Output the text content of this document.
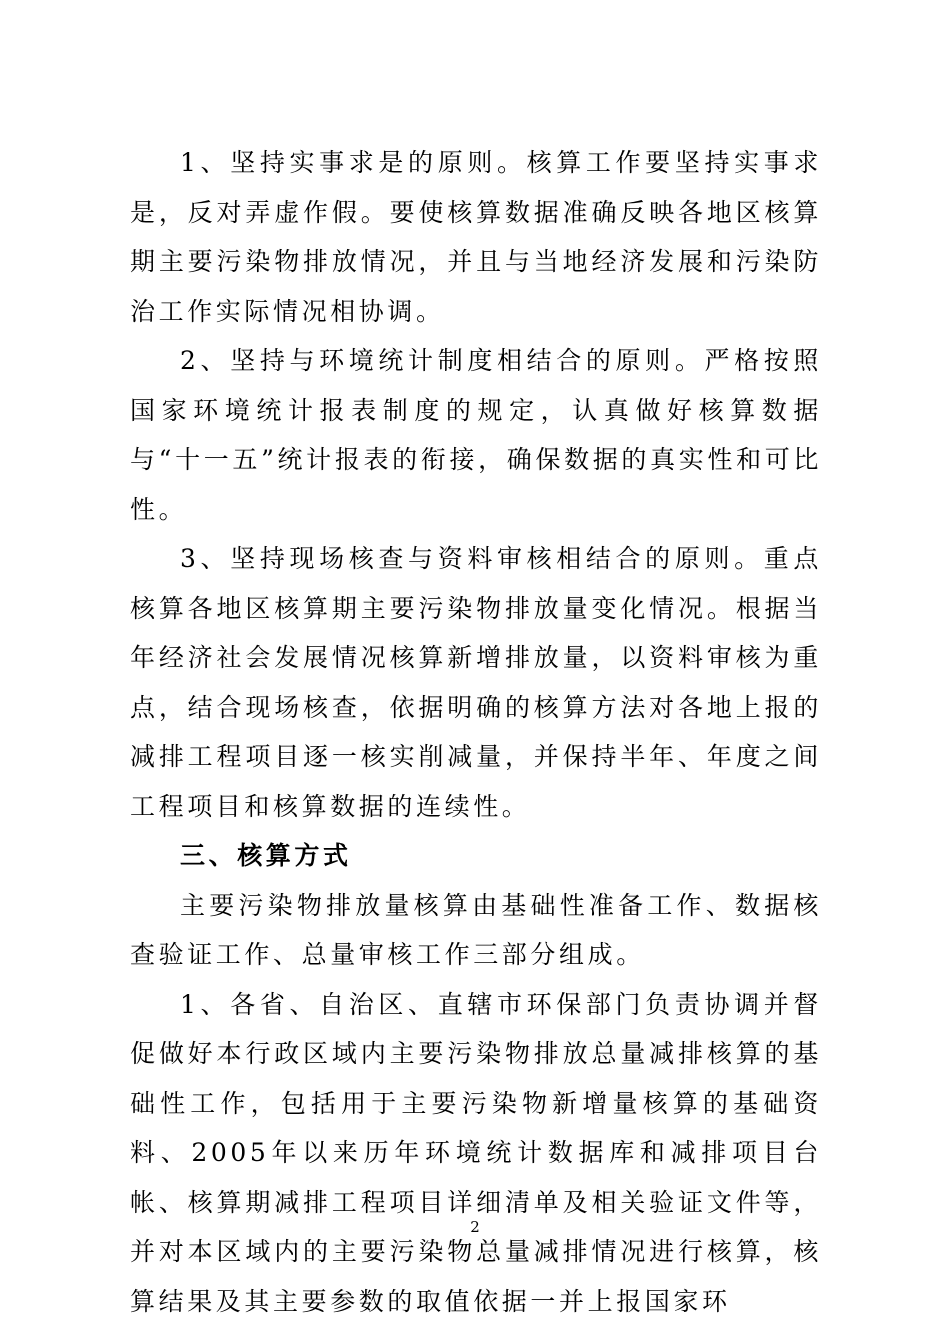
1、坚持实事求是的原则。核算工作要坚持实事求是，反对弄虚作假。要使核算数据准确反映各地区核算期主要污染物排放情况，并且与当地经济发展和污染防治工作实际情况相协调。

2、坚持与环境统计制度相结合的原则。严格按照国家环境统计报表制度的规定，认真做好核算数据与“十一五”统计报表的衔接，确保数据的真实性和可比性。

3、坚持现场核查与资料审核相结合的原则。重点核算各地区核算期主要污染物排放量变化情况。根据当年经济社会发展情况核算新增排放量，以资料审核为重点，结合现场核查，依据明确的核算方法对各地上报的减排工程项目逐一核实削减量，并保持半年、年度之间工程项目和核算数据的连续性。

三、核算方式

主要污染物排放量核算由基础性准备工作、数据核查验证工作、总量审核工作三部分组成。

1、各省、自治区、直辖市环保部门负责协调并督促做好本行政区域内主要污染物排放总量减排核算的基础性工作，包括用于主要污染物新增量核算的基础资料、2005年以来历年环境统计数据库和减排项目台帐、核算期减排工程项目详细清单及相关验证文件等，并对本区域内的主要污染物总量减排情况进行核算，核算结果及其主要参数的取值依据一并上报国家环

2
